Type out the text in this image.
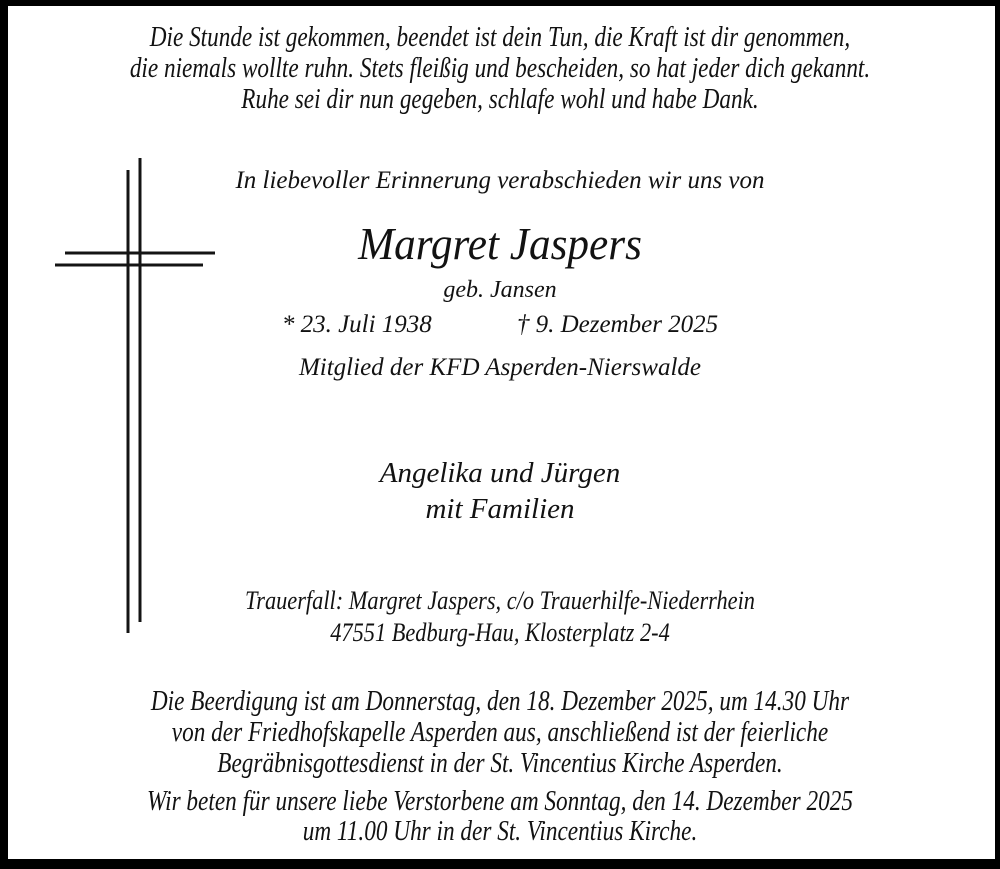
Die Stunde ist gekommen, beendet ist dein Tun, die Kraft ist dir genommen,
die niemals wollte ruhn. Stets fleißig und bescheiden, so hat jeder dich gekannt.
Ruhe sei dir nun gegeben, schlafe wohl und habe Dank.
In liebevoller Erinnerung verabschieden wir uns von
Margret Jaspers
geb. Jansen
* 23. Juli 1938	† 9. Dezember 2025
Mitglied der KFD Asperden-Nierswalde
Angelika und Jürgen
mit Familien
Trauerfall: Margret Jaspers, c/o Trauerhilfe-Niederrhein
47551 Bedburg-Hau, Klosterplatz 2-4
Die Beerdigung ist am Donnerstag, den 18. Dezember 2025, um 14.30 Uhr
von der Friedhofskapelle Asperden aus, anschließend ist der feierliche
Begräbnisgottesdienst in der St. Vincentius Kirche Asperden.
Wir beten für unsere liebe Verstorbene am Sonntag, den 14. Dezember 2025
um 11.00 Uhr in der St. Vincentius Kirche.
